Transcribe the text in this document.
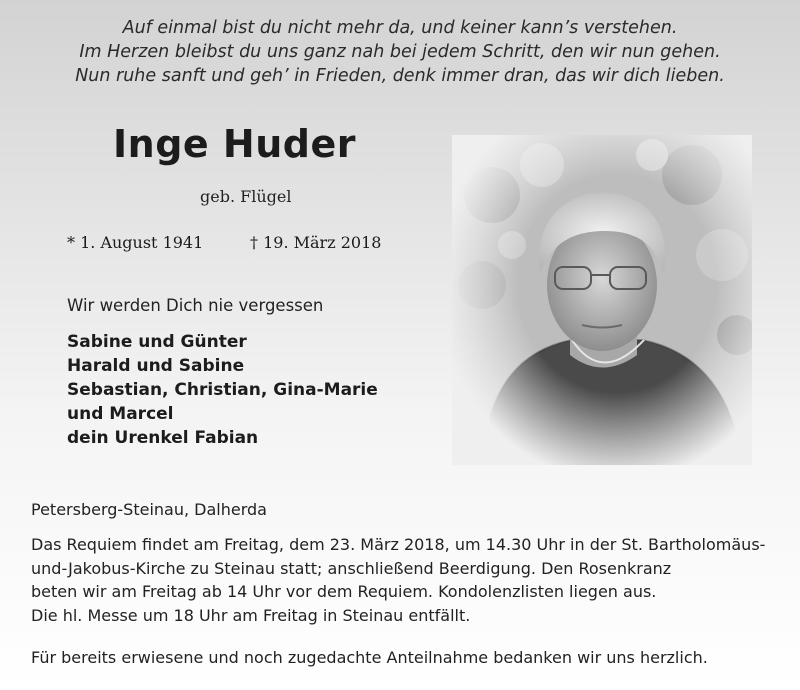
Auf einmal bist du nicht mehr da, und keiner kann’s verstehen.
Im Herzen bleibst du uns ganz nah bei jedem Schritt, den wir nun gehen.
Nun ruhe sanft und geh’ in Frieden, denk immer dran, das wir dich lieben.
Inge Huder
geb. Flügel
* 1. August 1941	† 19. März 2018
Wir werden Dich nie vergessen
Sabine und Günter
Harald und Sabine
Sebastian, Christian, Gina-Marie
und Marcel
dein Urenkel Fabian
Petersberg-Steinau, Dalherda
Das Requiem findet am Freitag, dem 23. März 2018, um 14.30 Uhr in der St. Bartholomäus-
und-Jakobus-Kirche zu Steinau statt; anschließend Beerdigung. Den Rosenkranz
beten wir am Freitag ab 14 Uhr vor dem Requiem. Kondolenzlisten liegen aus.
Die hl. Messe um 18 Uhr am Freitag in Steinau entfällt.
Für bereits erwiesene und noch zugedachte Anteilnahme bedanken wir uns herzlich.
